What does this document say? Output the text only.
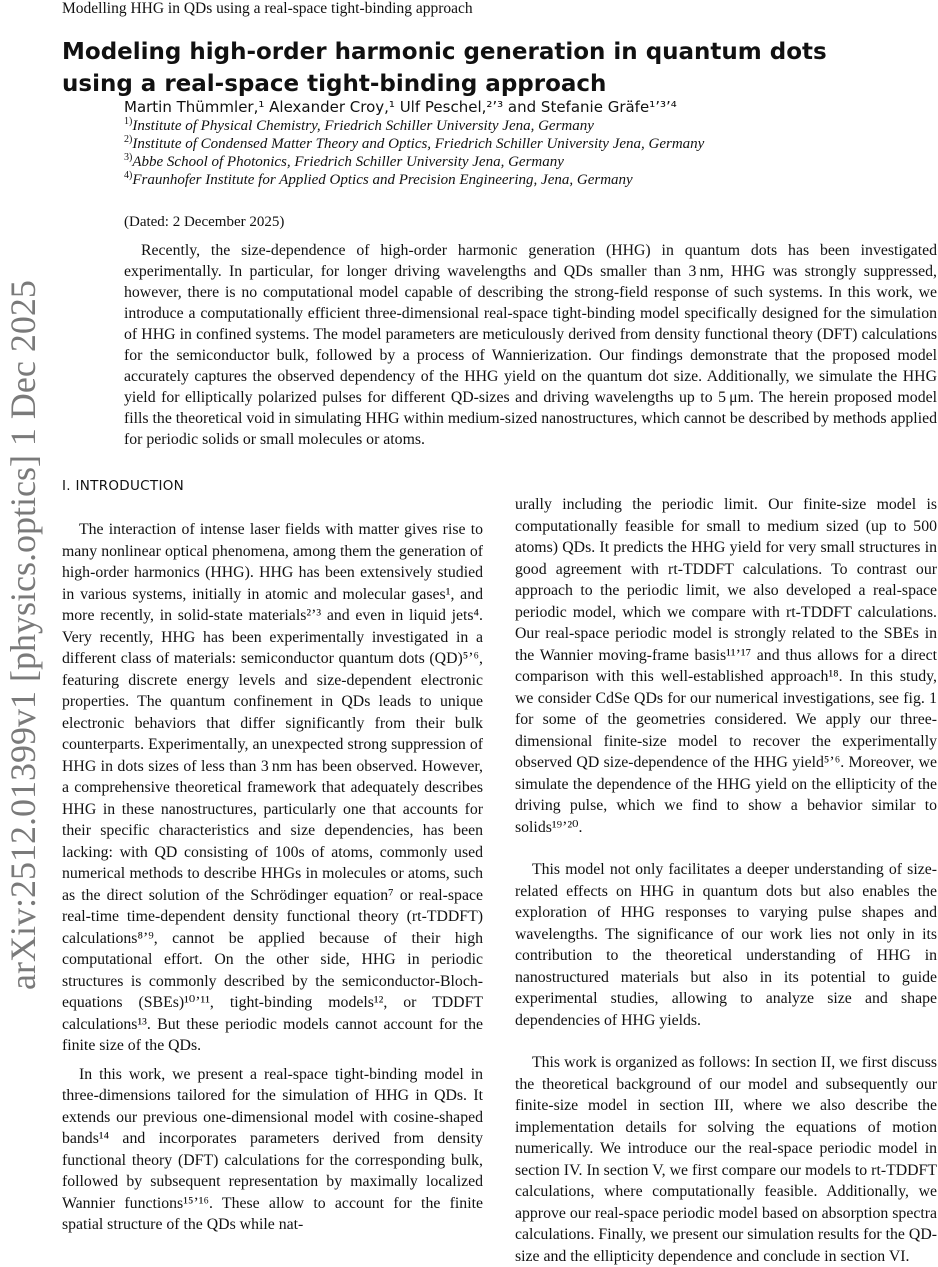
Modelling HHG in QDs using a real-space tight-binding approach
arXiv:2512.01399v1 [physics.optics] 1 Dec 2025
Modeling high-order harmonic generation in quantum dots using a real-space tight-binding approach
Martin Thümmler,¹ Alexander Croy,¹ Ulf Peschel,²ʼ³ and Stefanie Gräfe¹ʼ³ʼ⁴

$^{1)}$Institute of Physical Chemistry, Friedrich Schiller University Jena, Germany

$^{2)}$Institute of Condensed Matter Theory and Optics, Friedrich Schiller University Jena, Germany

$^{3)}$Abbe School of Photonics, Friedrich Schiller University Jena, Germany

$^{4)}$Fraunhofer Institute for Applied Optics and Precision Engineering, Jena, Germany

(Dated: 2 December 2025)

Recently, the size-dependence of high-order harmonic generation (HHG) in quantum dots has been investigated experimentally. In particular, for longer driving wavelengths and QDs smaller than 3 nm, HHG was strongly suppressed, however, there is no computational model capable of describing the strong-field response of such systems. In this work, we introduce a computationally efficient three-dimensional real-space tight-binding model specifically designed for the simulation of HHG in confined systems. The model parameters are meticulously derived from density functional theory (DFT) calculations for the semiconductor bulk, followed by a process of Wannierization. Our findings demonstrate that the proposed model accurately captures the observed dependency of the HHG yield on the quantum dot size. Additionally, we simulate the HHG yield for elliptically polarized pulses for different QD-sizes and driving wavelengths up to 5 μm. The herein proposed model fills the theoretical void in simulating HHG within medium-sized nanostructures, which cannot be described by methods applied for periodic solids or small molecules or atoms.

I. INTRODUCTION

The interaction of intense laser fields with matter gives rise to many nonlinear optical phenomena, among them the generation of high-order harmonics (HHG). HHG has been extensively studied in various systems, initially in atomic and molecular gases¹, and more recently, in solid-state materials²ʼ³ and even in liquid jets⁴. Very recently, HHG has been experimentally investigated in a different class of materials: semiconductor quantum dots (QD)⁵ʼ⁶, featuring discrete energy levels and size-dependent electronic properties. The quantum confinement in QDs leads to unique electronic behaviors that differ significantly from their bulk counterparts. Experimentally, an unexpected strong suppression of HHG in dots sizes of less than 3 nm has been observed. However, a comprehensive theoretical framework that adequately describes HHG in these nanostructures, particularly one that accounts for their specific characteristics and size dependencies, has been lacking: with QD consisting of 100s of atoms, commonly used numerical methods to describe HHGs in molecules or atoms, such as the direct solution of the Schrödinger equation⁷ or real-space real-time time-dependent density functional theory (rt-TDDFT) calculations⁸ʼ⁹, cannot be applied because of their high computational effort. On the other side, HHG in periodic structures is commonly described by the semiconductor-Bloch-equations (SBEs)¹⁰ʼ¹¹, tight-binding models¹², or TDDFT calculations¹³. But these periodic models cannot account for the finite size of the QDs.

In this work, we present a real-space tight-binding model in three-dimensions tailored for the simulation of HHG in QDs. It extends our previous one-dimensional model with cosine-shaped bands¹⁴ and incorporates parameters derived from density functional theory (DFT) calculations for the corresponding bulk, followed by subsequent representation by maximally localized Wannier functions¹⁵ʼ¹⁶. These allow to account for the finite spatial structure of the QDs while nat-

urally including the periodic limit. Our finite-size model is computationally feasible for small to medium sized (up to 500 atoms) QDs. It predicts the HHG yield for very small structures in good agreement with rt-TDDFT calculations. To contrast our approach to the periodic limit, we also developed a real-space periodic model, which we compare with rt-TDDFT calculations. Our real-space periodic model is strongly related to the SBEs in the Wannier moving-frame basis¹¹ʼ¹⁷ and thus allows for a direct comparison with this well-established approach¹⁸. In this study, we consider CdSe QDs for our numerical investigations, see fig. 1 for some of the geometries considered. We apply our three-dimensional finite-size model to recover the experimentally observed QD size-dependence of the HHG yield⁵ʼ⁶. Moreover, we simulate the dependence of the HHG yield on the ellipticity of the driving pulse, which we find to show a behavior similar to solids¹⁹ʼ²⁰.

This model not only facilitates a deeper understanding of size-related effects on HHG in quantum dots but also enables the exploration of HHG responses to varying pulse shapes and wavelengths. The significance of our work lies not only in its contribution to the theoretical understanding of HHG in nanostructured materials but also in its potential to guide experimental studies, allowing to analyze size and shape dependencies of HHG yields.

This work is organized as follows: In section II, we first discuss the theoretical background of our model and subsequently our finite-size model in section III, where we also describe the implementation details for solving the equations of motion numerically. We introduce our the real-space periodic model in section IV. In section V, we first compare our models to rt-TDDFT calculations, where computationally feasible. Additionally, we approve our real-space periodic model based on absorption spectra calculations. Finally, we present our simulation results for the QD-size and the ellipticity dependence and conclude in section VI.
